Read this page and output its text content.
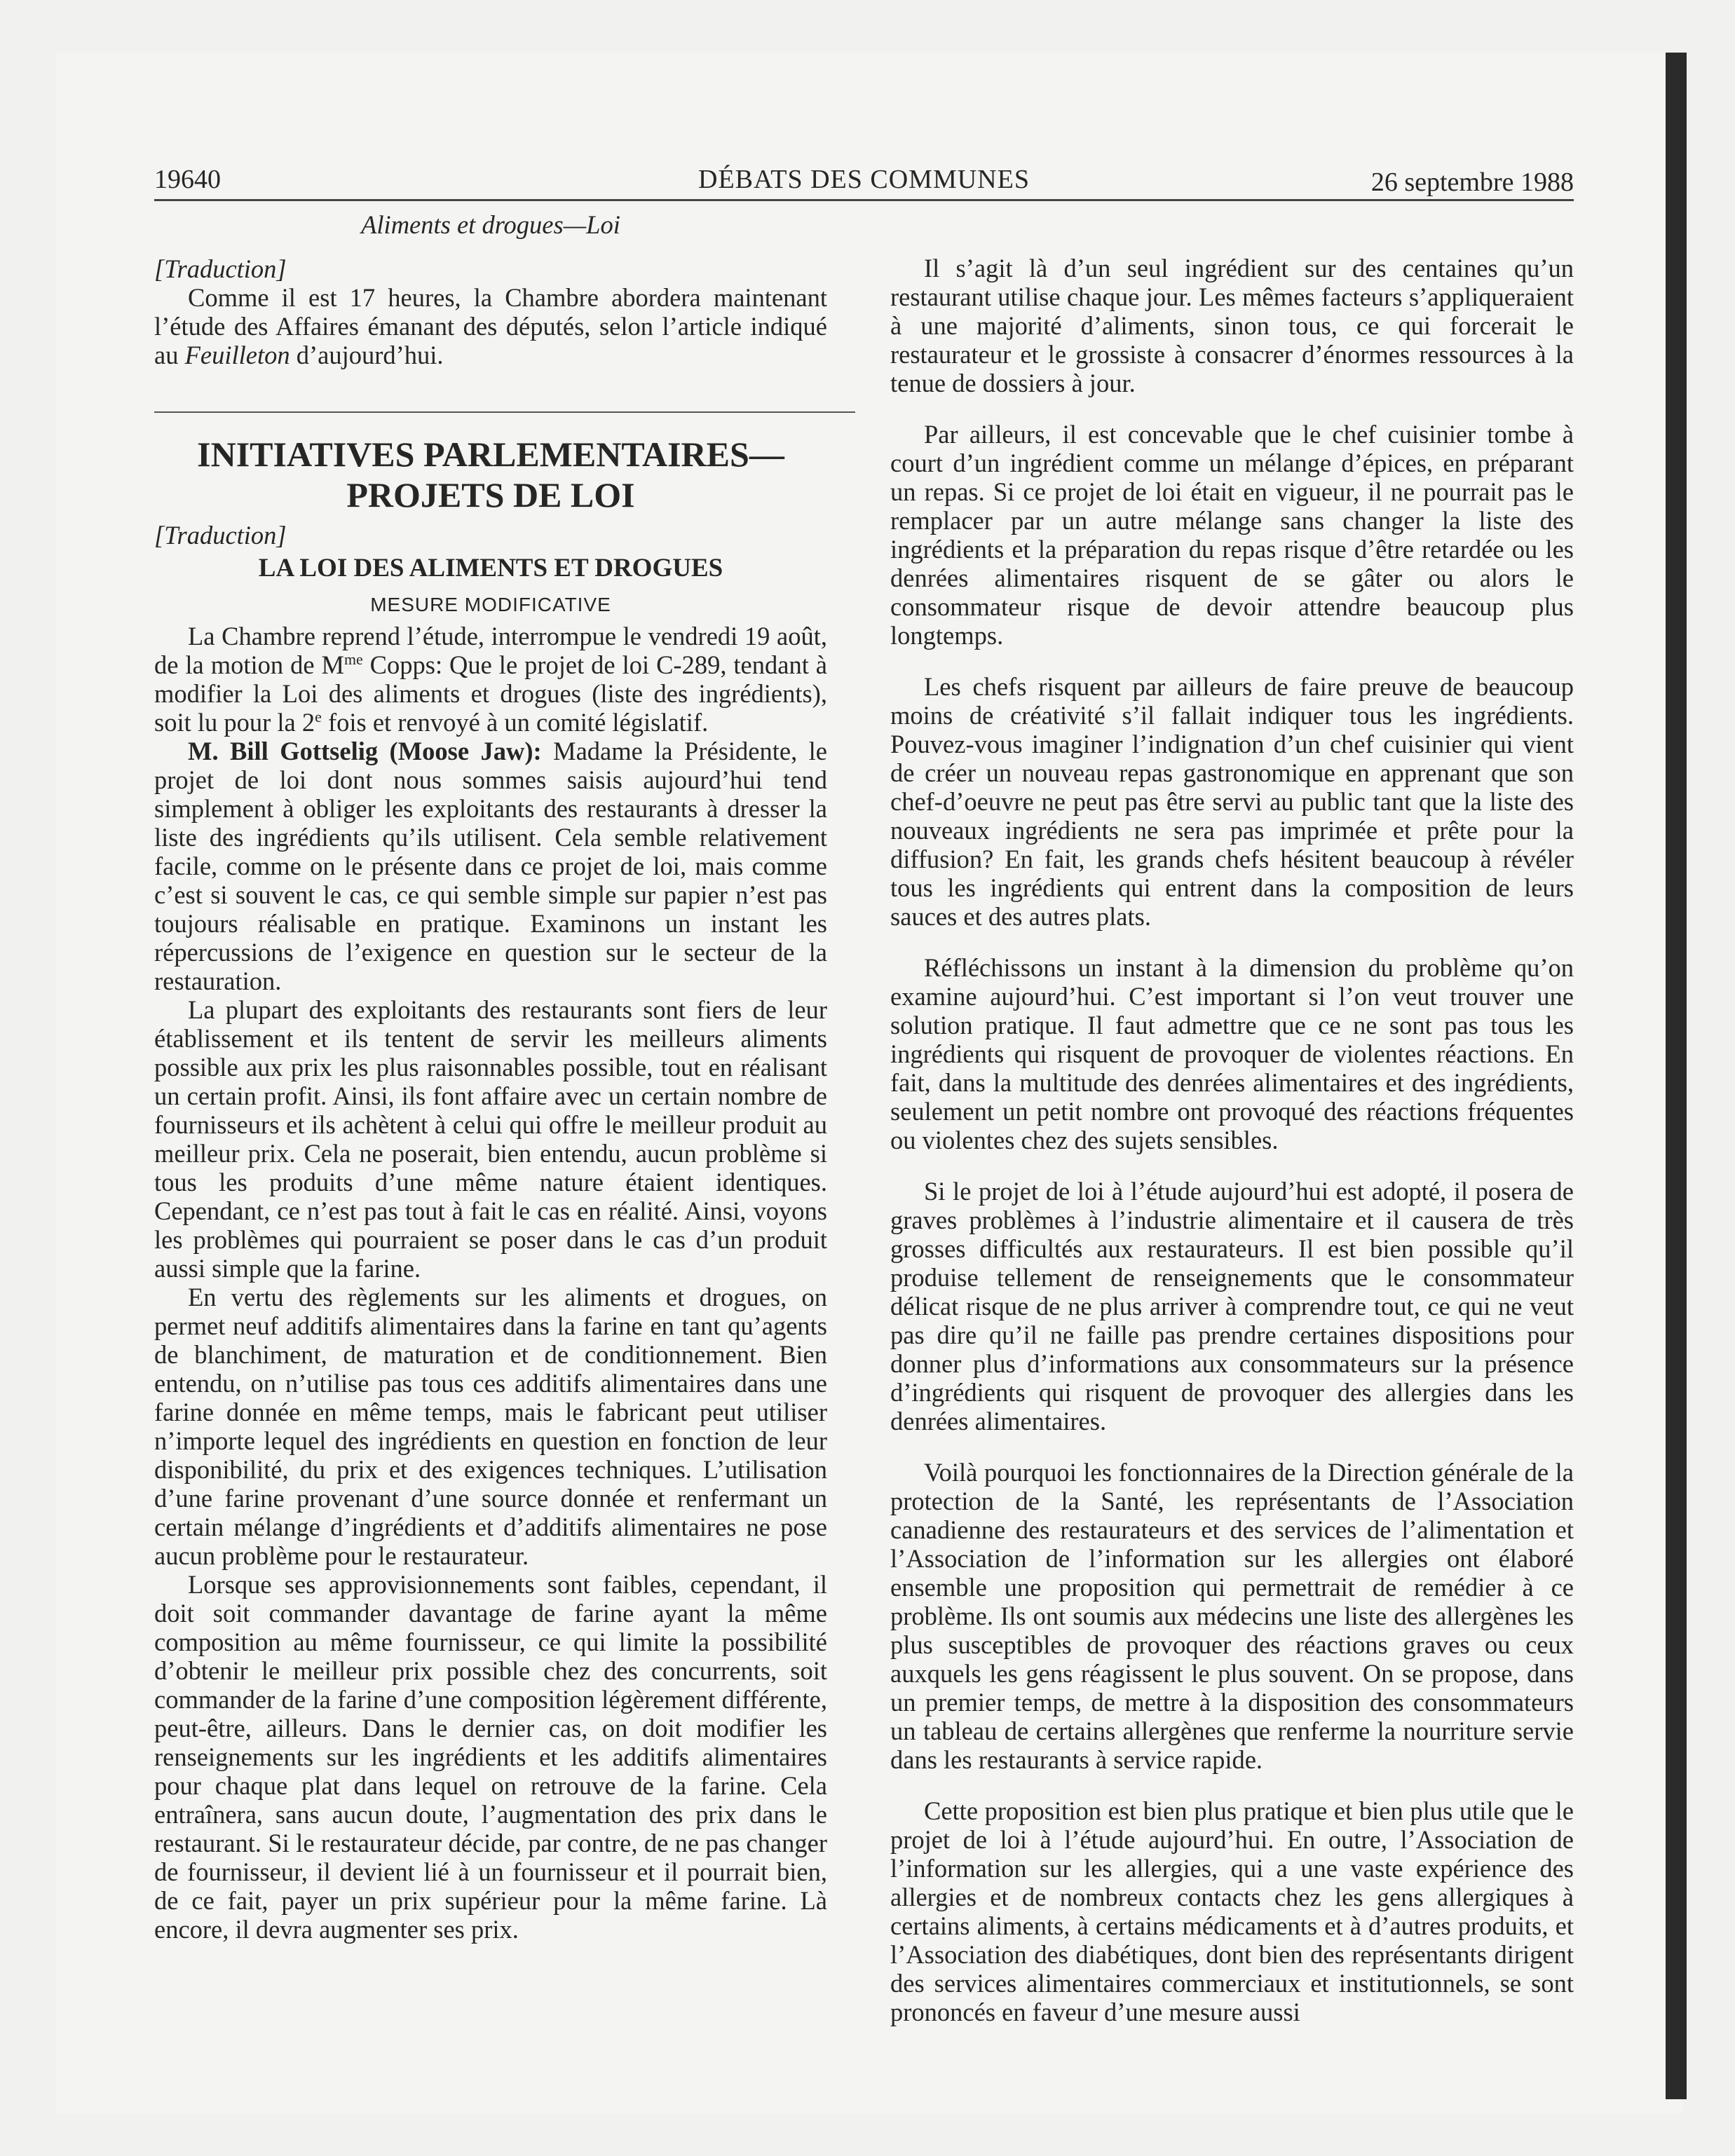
19640	DÉBATS DES COMMUNES	26 septembre 1988

Aliments et drogues—Loi

[Traduction]

Comme il est 17 heures, la Chambre abordera maintenant l’étude des Affaires émanant des députés, selon l’article indiqué au Feuilleton d’aujourd’hui.

INITIATIVES PARLEMENTAIRES—
PROJETS DE LOI

[Traduction]

LA LOI DES ALIMENTS ET DROGUES

MESURE MODIFICATIVE

La Chambre reprend l’étude, interrompue le vendredi 19 août, de la motion de $M^{me}$ Copps: Que le projet de loi C-289, tendant à modifier la Loi des aliments et drogues (liste des ingrédients), soit lu pour la 2e fois et renvoyé à un comité législatif.

M. Bill Gottselig (Moose Jaw): Madame la Présidente, le projet de loi dont nous sommes saisis aujourd’hui tend simplement à obliger les exploitants des restaurants à dresser la liste des ingrédients qu’ils utilisent. Cela semble relativement facile, comme on le présente dans ce projet de loi, mais comme c’est si souvent le cas, ce qui semble simple sur papier n’est pas toujours réalisable en pratique. Examinons un instant les répercussions de l’exigence en question sur le secteur de la restauration.

La plupart des exploitants des restaurants sont fiers de leur établissement et ils tentent de servir les meilleurs aliments possible aux prix les plus raisonnables possible, tout en réalisant un certain profit. Ainsi, ils font affaire avec un certain nombre de fournisseurs et ils achètent à celui qui offre le meilleur produit au meilleur prix. Cela ne poserait, bien entendu, aucun problème si tous les produits d’une même nature étaient identiques. Cependant, ce n’est pas tout à fait le cas en réalité. Ainsi, voyons les problèmes qui pourraient se poser dans le cas d’un produit aussi simple que la farine.

En vertu des règlements sur les aliments et drogues, on permet neuf additifs alimentaires dans la farine en tant qu’agents de blanchiment, de maturation et de conditionnement. Bien entendu, on n’utilise pas tous ces additifs alimentaires dans une farine donnée en même temps, mais le fabricant peut utiliser n’importe lequel des ingrédients en question en fonction de leur disponibilité, du prix et des exigences techniques. L’utilisation d’une farine provenant d’une source donnée et renfermant un certain mélange d’ingrédients et d’additifs alimentaires ne pose aucun problème pour le restaurateur.

Lorsque ses approvisionnements sont faibles, cependant, il doit soit commander davantage de farine ayant la même composition au même fournisseur, ce qui limite la possibilité d’obtenir le meilleur prix possible chez des concurrents, soit commander de la farine d’une composition légèrement différente, peut-être, ailleurs. Dans le dernier cas, on doit modifier les renseignements sur les ingrédients et les additifs alimentaires pour chaque plat dans lequel on retrouve de la farine. Cela entraînera, sans aucun doute, l’augmentation des prix dans le restaurant. Si le restaurateur décide, par contre, de ne pas changer de fournisseur, il devient lié à un fournisseur et il pourrait bien, de ce fait, payer un prix supérieur pour la même farine. Là encore, il devra augmenter ses prix.

Il s’agit là d’un seul ingrédient sur des centaines qu’un restaurant utilise chaque jour. Les mêmes facteurs s’appliqueraient à une majorité d’aliments, sinon tous, ce qui forcerait le restaurateur et le grossiste à consacrer d’énormes ressources à la tenue de dossiers à jour.

Par ailleurs, il est concevable que le chef cuisinier tombe à court d’un ingrédient comme un mélange d’épices, en préparant un repas. Si ce projet de loi était en vigueur, il ne pourrait pas le remplacer par un autre mélange sans changer la liste des ingrédients et la préparation du repas risque d’être retardée ou les denrées alimentaires risquent de se gâter ou alors le consommateur risque de devoir attendre beaucoup plus longtemps.

Les chefs risquent par ailleurs de faire preuve de beaucoup moins de créativité s’il fallait indiquer tous les ingrédients. Pouvez-vous imaginer l’indignation d’un chef cuisinier qui vient de créer un nouveau repas gastronomique en apprenant que son chef-d’oeuvre ne peut pas être servi au public tant que la liste des nouveaux ingrédients ne sera pas imprimée et prête pour la diffusion? En fait, les grands chefs hésitent beaucoup à révéler tous les ingrédients qui entrent dans la composition de leurs sauces et des autres plats.

Réfléchissons un instant à la dimension du problème qu’on examine aujourd’hui. C’est important si l’on veut trouver une solution pratique. Il faut admettre que ce ne sont pas tous les ingrédients qui risquent de provoquer de violentes réactions. En fait, dans la multitude des denrées alimentaires et des ingrédients, seulement un petit nombre ont provoqué des réactions fréquentes ou violentes chez des sujets sensibles.

Si le projet de loi à l’étude aujourd’hui est adopté, il posera de graves problèmes à l’industrie alimentaire et il causera de très grosses difficultés aux restaurateurs. Il est bien possible qu’il produise tellement de renseignements que le consommateur délicat risque de ne plus arriver à comprendre tout, ce qui ne veut pas dire qu’il ne faille pas prendre certaines dispositions pour donner plus d’informations aux consommateurs sur la présence d’ingrédients qui risquent de provoquer des allergies dans les denrées alimentaires.

Voilà pourquoi les fonctionnaires de la Direction générale de la protection de la Santé, les représentants de l’Association canadienne des restaurateurs et des services de l’alimentation et l’Association de l’information sur les allergies ont élaboré ensemble une proposition qui permettrait de remédier à ce problème. Ils ont soumis aux médecins une liste des allergènes les plus susceptibles de provoquer des réactions graves ou ceux auxquels les gens réagissent le plus souvent. On se propose, dans un premier temps, de mettre à la disposition des consommateurs un tableau de certains allergènes que renferme la nourriture servie dans les restaurants à service rapide.

Cette proposition est bien plus pratique et bien plus utile que le projet de loi à l’étude aujourd’hui. En outre, l’Association de l’information sur les allergies, qui a une vaste expérience des allergies et de nombreux contacts chez les gens allergiques à certains aliments, à certains médicaments et à d’autres produits, et l’Association des diabétiques, dont bien des représentants dirigent des services alimentaires commerciaux et institutionnels, se sont prononcés en faveur d’une mesure aussi
